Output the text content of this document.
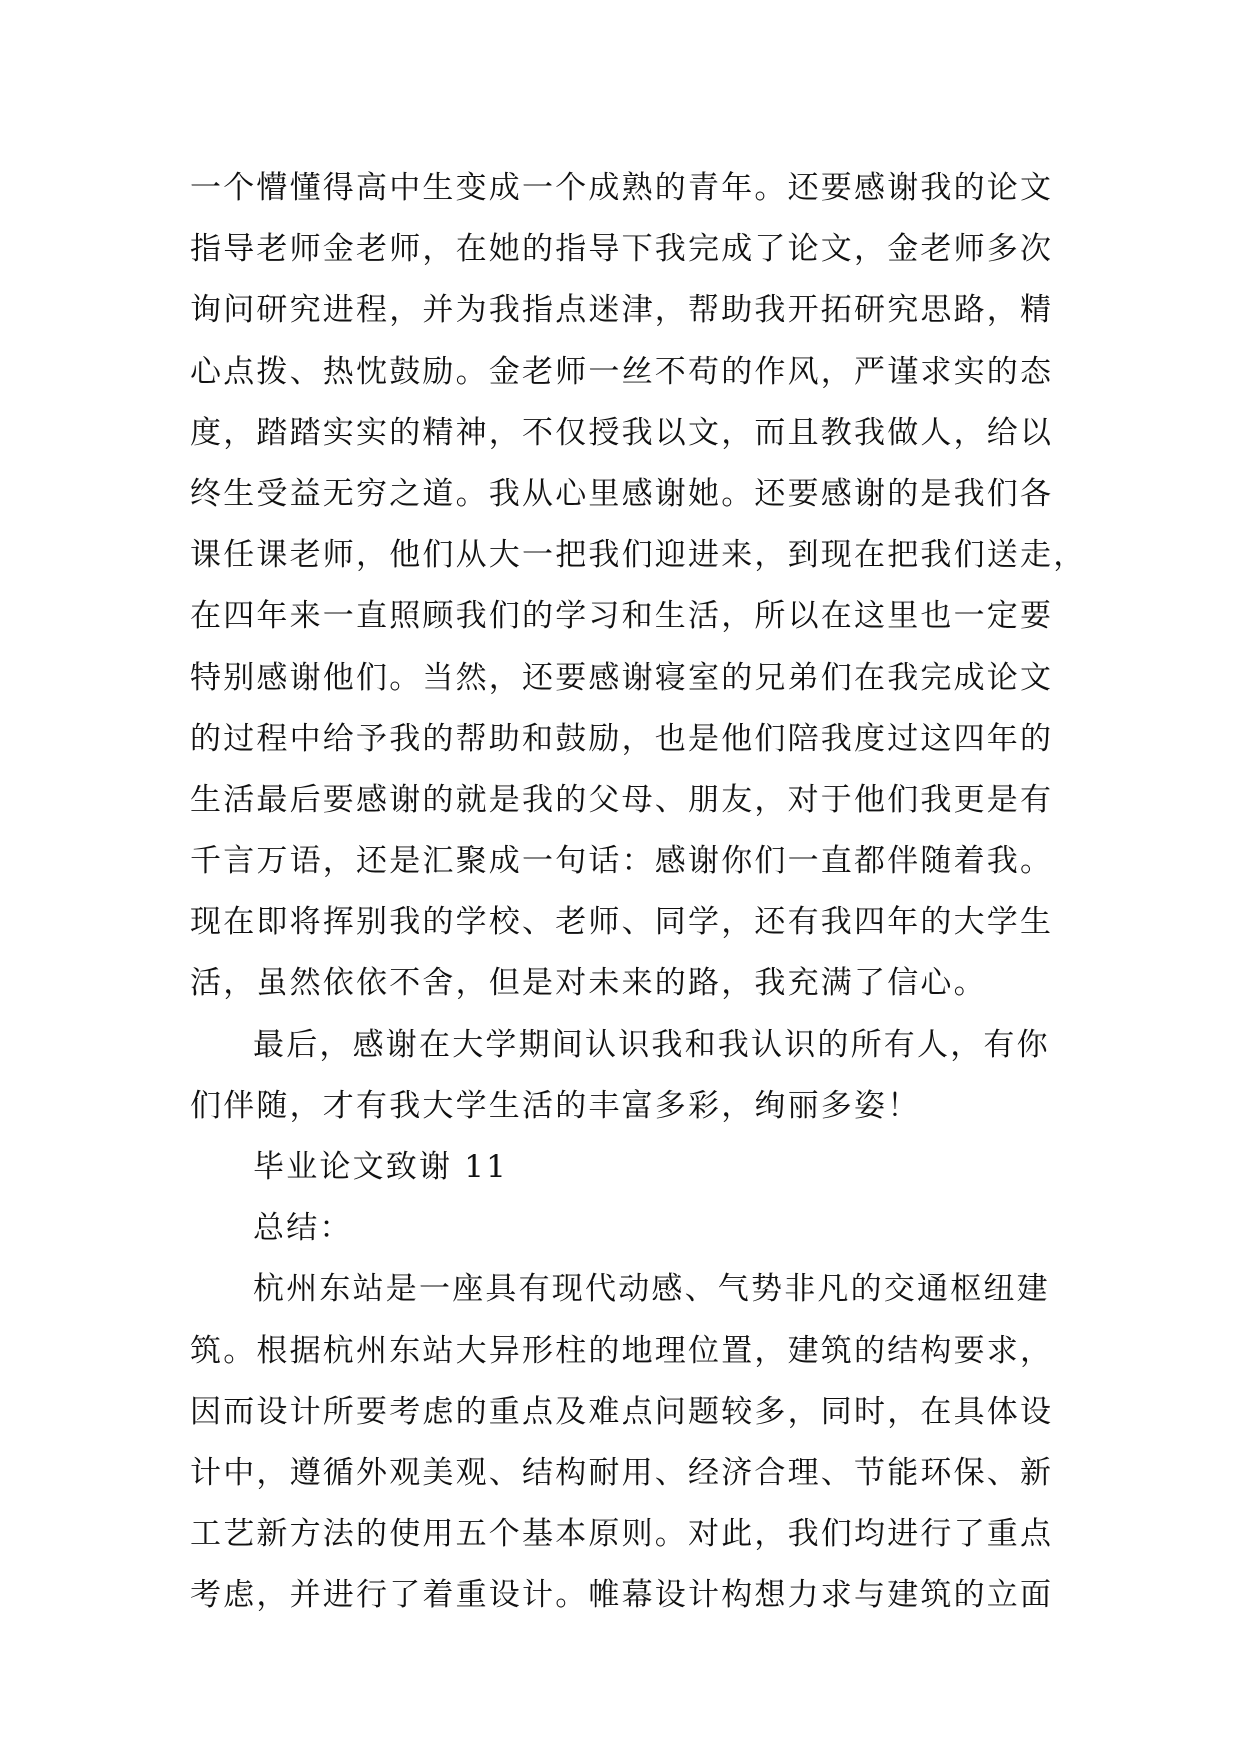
一个懵懂得高中生变成一个成熟的青年。还要感谢我的论文
指导老师金老师，在她的指导下我完成了论文，金老师多次
询问研究进程，并为我指点迷津，帮助我开拓研究思路，精
心点拨、热忱鼓励。金老师一丝不苟的作风，严谨求实的态
度，踏踏实实的精神，不仅授我以文，而且教我做人，给以
终生受益无穷之道。我从心里感谢她。还要感谢的是我们各
课任课老师，他们从大一把我们迎进来，到现在把我们送走，
在四年来一直照顾我们的学习和生活，所以在这里也一定要
特别感谢他们。当然，还要感谢寝室的兄弟们在我完成论文
的过程中给予我的帮助和鼓励，也是他们陪我度过这四年的
生活最后要感谢的就是我的父母、朋友，对于他们我更是有
千言万语，还是汇聚成一句话：感谢你们一直都伴随着我。
现在即将挥别我的学校、老师、同学，还有我四年的大学生
活，虽然依依不舍，但是对未来的路，我充满了信心。
最后，感谢在大学期间认识我和我认识的所有人，有你
们伴随，才有我大学生活的丰富多彩，绚丽多姿！
毕业论文致谢 11
总结：
杭州东站是一座具有现代动感、气势非凡的交通枢纽建
筑。根据杭州东站大异形柱的地理位置，建筑的结构要求，
因而设计所要考虑的重点及难点问题较多，同时，在具体设
计中，遵循外观美观、结构耐用、经济合理、节能环保、新
工艺新方法的使用五个基本原则。对此，我们均进行了重点
考虑，并进行了着重设计。帷幕设计构想力求与建筑的立面
